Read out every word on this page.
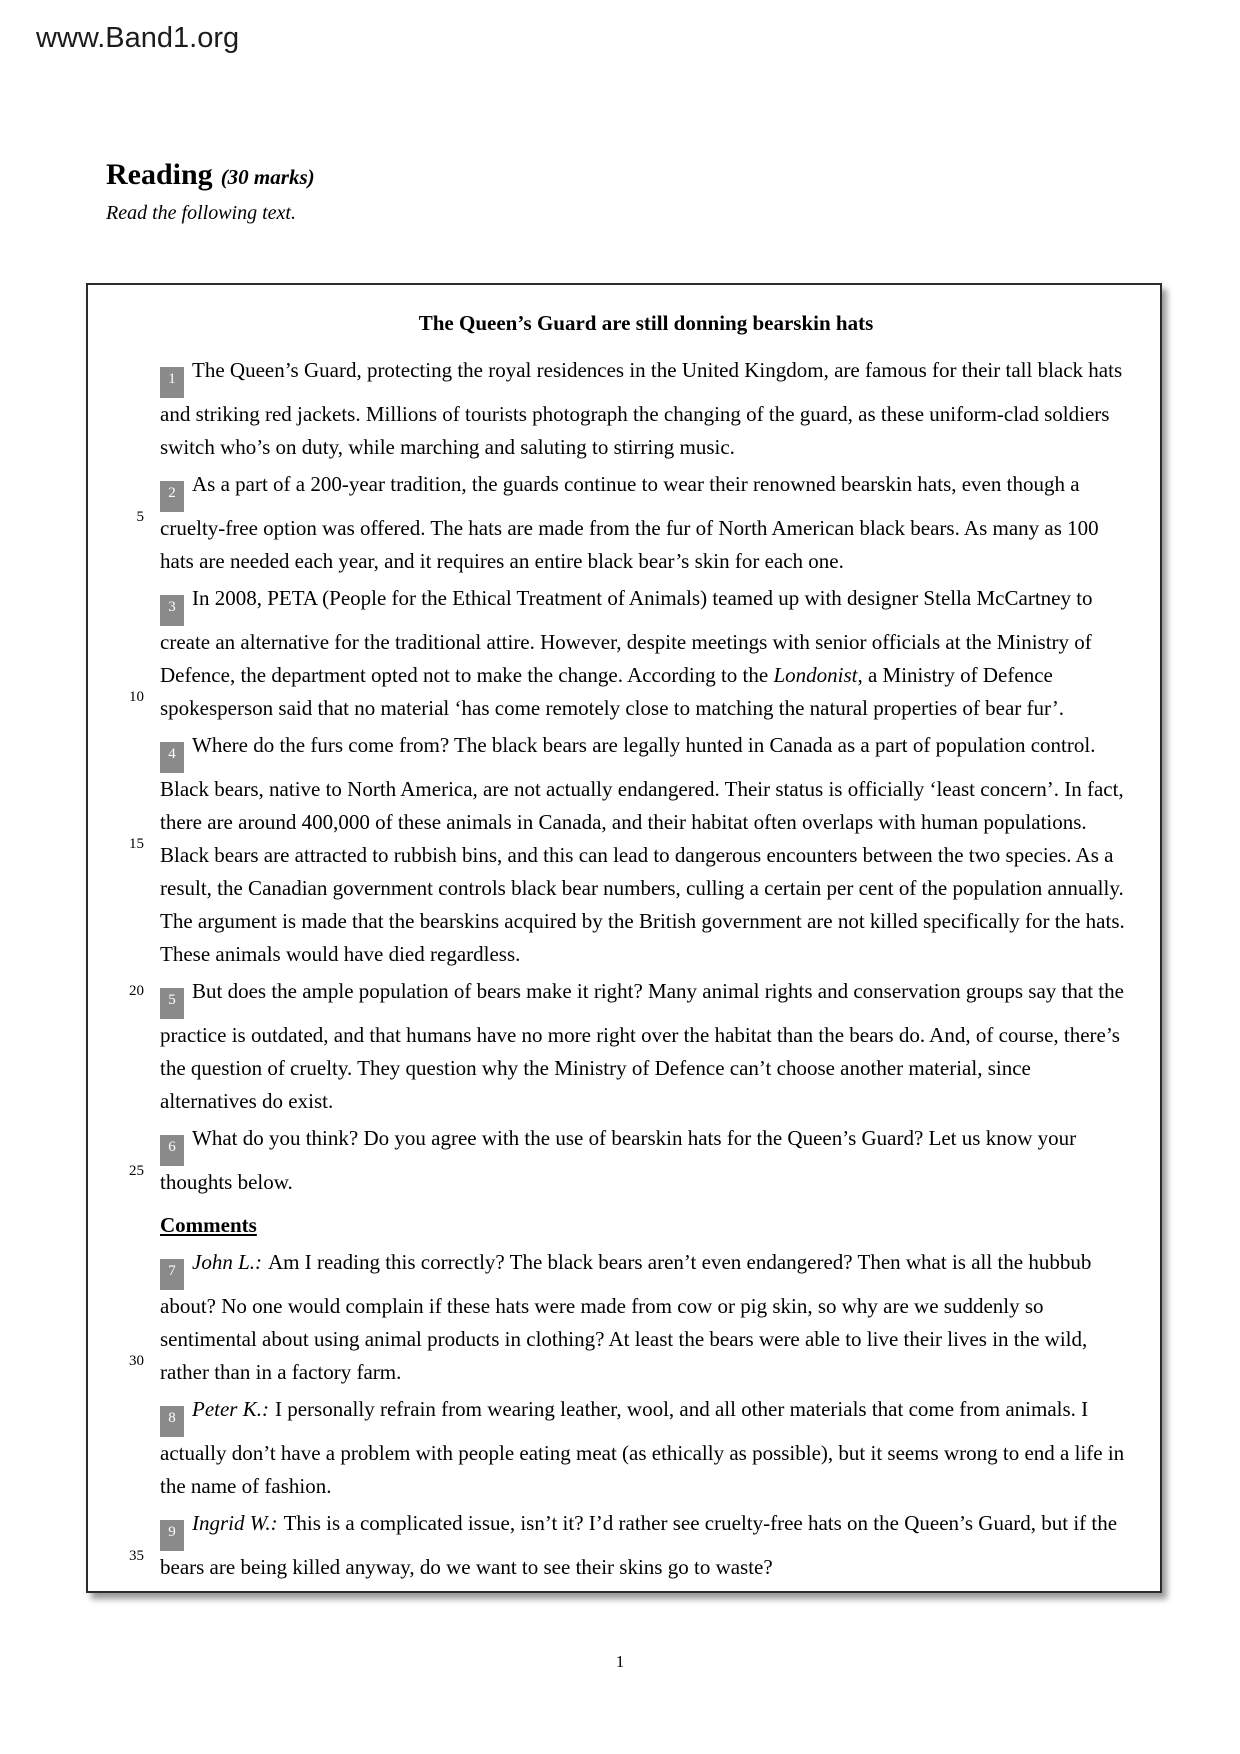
www.Band1.org
Reading (30 marks)
Read the following text.
The Queen’s Guard are still donning bearskin hats

1 The Queen’s Guard, protecting the royal residences in the United Kingdom, are famous for their tall black hats and striking red jackets. Millions of tourists photograph the changing of the guard, as these uniform-clad soldiers switch who’s on duty, while marching and saluting to stirring music.

5
2 As a part of a 200-year tradition, the guards continue to wear their renowned bearskin hats, even though a cruelty-free option was offered. The hats are made from the fur of North American black bears. As many as 100 hats are needed each year, and it requires an entire black bear’s skin for each one.

10
3 In 2008, PETA (People for the Ethical Treatment of Animals) teamed up with designer Stella McCartney to create an alternative for the traditional attire. However, despite meetings with senior officials at the Ministry of Defence, the department opted not to make the change. According to the Londonist, a Ministry of Defence spokesperson said that no material ‘has come remotely close to matching the natural properties of bear fur’.

15
4 Where do the furs come from? The black bears are legally hunted in Canada as a part of population control. Black bears, native to North America, are not actually endangered. Their status is officially ‘least concern’. In fact, there are around 400,000 of these animals in Canada, and their habitat often overlaps with human populations. Black bears are attracted to rubbish bins, and this can lead to dangerous encounters between the two species. As a result, the Canadian government controls black bear numbers, culling a certain per cent of the population annually. The argument is made that the bearskins acquired by the British government are not killed specifically for the hats. These animals would have died regardless.

20
5 But does the ample population of bears make it right? Many animal rights and conservation groups say that the practice is outdated, and that humans have no more right over the habitat than the bears do. And, of course, there’s the question of cruelty. They question why the Ministry of Defence can’t choose another material, since alternatives do exist.

25
6 What do you think? Do you agree with the use of bearskin hats for the Queen’s Guard? Let us know your thoughts below.

Comments

30
7 John L.: Am I reading this correctly? The black bears aren’t even endangered? Then what is all the hubbub about? No one would complain if these hats were made from cow or pig skin, so why are we suddenly so sentimental about using animal products in clothing? At least the bears were able to live their lives in the wild, rather than in a factory farm.

8 Peter K.: I personally refrain from wearing leather, wool, and all other materials that come from animals. I actually don’t have a problem with people eating meat (as ethically as possible), but it seems wrong to end a life in the name of fashion.

35
9 Ingrid W.: This is a complicated issue, isn’t it? I’d rather see cruelty-free hats on the Queen’s Guard, but if the bears are being killed anyway, do we want to see their skins go to waste?

1
